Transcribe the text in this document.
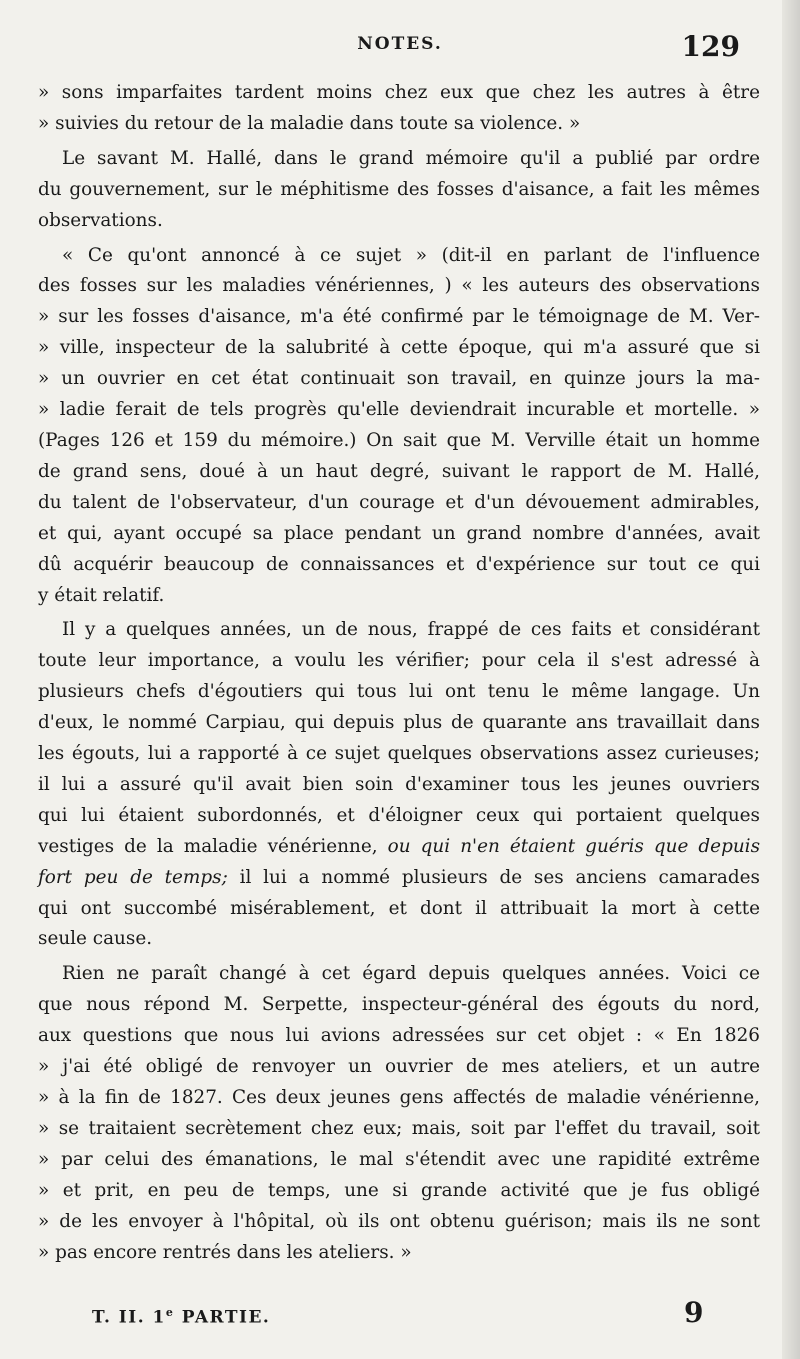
NOTES.	129
» sons imparfaites tardent moins chez eux que chez les autres à être
» suivies du retour de la maladie dans toute sa violence. »
Le savant M. Hallé, dans le grand mémoire qu'il a publié par ordre
du gouvernement, sur le méphitisme des fosses d'aisance, a fait les mêmes
observations.
« Ce qu'ont annoncé à ce sujet » (dit-il en parlant de l'influence
des fosses sur les maladies vénériennes, ) « les auteurs des observations
» sur les fosses d'aisance, m'a été confirmé par le témoignage de M. Ver-
» ville, inspecteur de la salubrité à cette époque, qui m'a assuré que si
» un ouvrier en cet état continuait son travail, en quinze jours la ma-
» ladie ferait de tels progrès qu'elle deviendrait incurable et mortelle. »
(Pages 126 et 159 du mémoire.) On sait que M. Verville était un homme
de grand sens, doué à un haut degré, suivant le rapport de M. Hallé,
du talent de l'observateur, d'un courage et d'un dévouement admirables,
et qui, ayant occupé sa place pendant un grand nombre d'années, avait
dû acquérir beaucoup de connaissances et d'expérience sur tout ce qui
y était relatif.
Il y a quelques années, un de nous, frappé de ces faits et considérant
toute leur importance, a voulu les vérifier; pour cela il s'est adressé à
plusieurs chefs d'égoutiers qui tous lui ont tenu le même langage. Un
d'eux, le nommé Carpiau, qui depuis plus de quarante ans travaillait dans
les égouts, lui a rapporté à ce sujet quelques observations assez curieuses;
il lui a assuré qu'il avait bien soin d'examiner tous les jeunes ouvriers
qui lui étaient subordonnés, et d'éloigner ceux qui portaient quelques
vestiges de la maladie vénérienne, ou qui n'en étaient guéris que depuis
fort peu de temps; il lui a nommé plusieurs de ses anciens camarades
qui ont succombé misérablement, et dont il attribuait la mort à cette
seule cause.
Rien ne paraît changé à cet égard depuis quelques années. Voici ce
que nous répond M. Serpette, inspecteur-général des égouts du nord,
aux questions que nous lui avions adressées sur cet objet : « En 1826
» j'ai été obligé de renvoyer un ouvrier de mes ateliers, et un autre
» à la fin de 1827. Ces deux jeunes gens affectés de maladie vénérienne,
» se traitaient secrètement chez eux; mais, soit par l'effet du travail, soit
» par celui des émanations, le mal s'étendit avec une rapidité extrême
» et prit, en peu de temps, une si grande activité que je fus obligé
» de les envoyer à l'hôpital, où ils ont obtenu guérison; mais ils ne sont
» pas encore rentrés dans les ateliers. »
T. II. 1e PARTIE.	9
